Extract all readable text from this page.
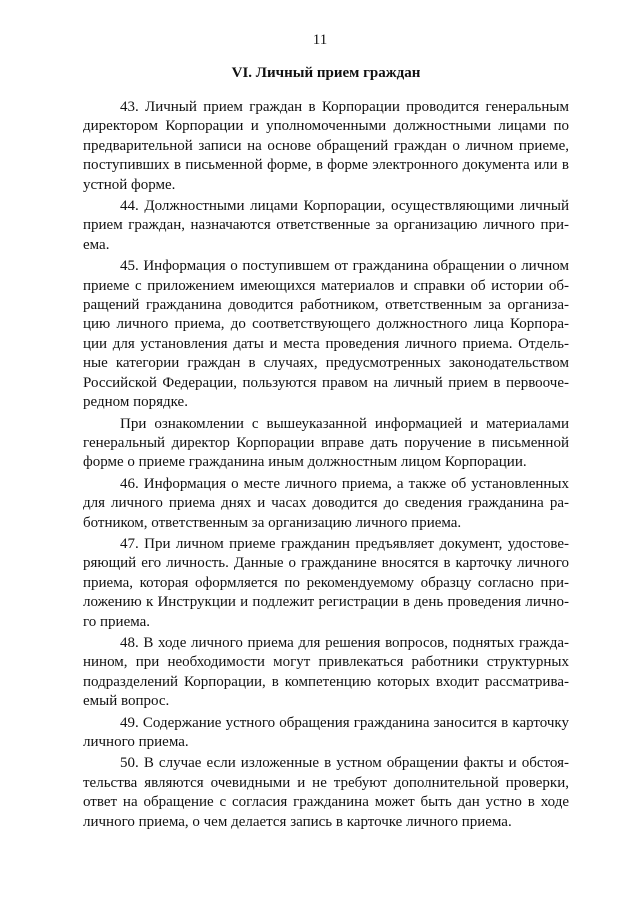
11
VI. Личный прием граждан

43. Личный прием граждан в Корпорации проводится генеральным директором Корпорации и уполномоченными должностными лицами по предварительной записи на основе обращений граждан о личном приеме, поступивших в письменной форме, в форме электронного документа или в устной форме.

44. Должностными лицами Корпорации, осуществляющими личный прием граждан, назначаются ответственные за организацию личного приема.

45. Информация о поступившем от гражданина обращении о личном приеме с приложением имеющихся материалов и справки об истории обращений гражданина доводится работником, ответственным за организацию личного приема, до соответствующего должностного лица Корпорации для установления даты и места проведения личного приема. Отдельные категории граждан в случаях, предусмотренных законодательством Российской Федерации, пользуются правом на личный прием в первоочередном порядке.

При ознакомлении с вышеуказанной информацией и материалами генеральный директор Корпорации вправе дать поручение в письменной форме о приеме гражданина иным должностным лицом Корпорации.

46. Информация о месте личного приема, а также об установленных для личного приема днях и часах доводится до сведения гражданина работником, ответственным за организацию личного приема.

47. При личном приеме гражданин предъявляет документ, удостоверяющий его личность. Данные о гражданине вносятся в карточку личного приема, которая оформляется по рекомендуемому образцу согласно приложению к Инструкции и подлежит регистрации в день проведения личного приема.

48. В ходе личного приема для решения вопросов, поднятых гражданином, при необходимости могут привлекаться работники структурных подразделений Корпорации, в компетенцию которых входит рассматриваемый вопрос.

49. Содержание устного обращения гражданина заносится в карточку личного приема.

50. В случае если изложенные в устном обращении факты и обстоятельства являются очевидными и не требуют дополнительной проверки, ответ на обращение с согласия гражданина может быть дан устно в ходе личного приема, о чем делается запись в карточке личного приема.
